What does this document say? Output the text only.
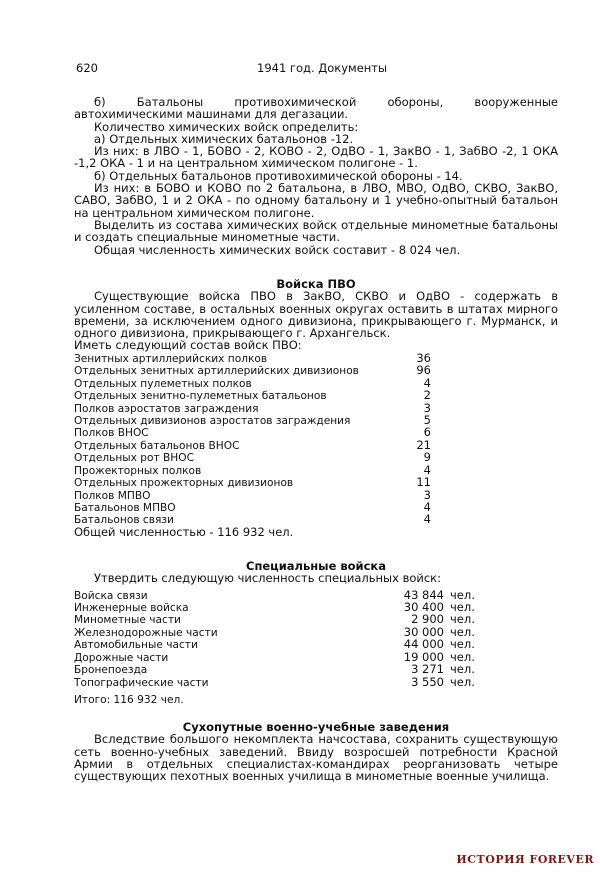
620	1941 год. Документы

б) Батальоны противохимической обороны, вооруженные автохимическими машинами для дегазации.

Количество химических войск определить:

а) Отдельных химических батальонов -12.

Из них: в ЛВО - 1, БОВО - 2, КОВО - 2, ОдВО - 1, ЗакВО - 1, ЗабВО -2, 1 ОКА -1,2 ОКА - 1 и на центральном химическом полигоне - 1.

б) Отдельных батальонов противохимической обороны - 14.

Из них: в БОВО и КОВО по 2 батальона, в ЛВО, МВО, ОдВО, СКВО, ЗакВО, САВО, ЗабВО, 1 и 2 ОКА - по одному батальону и 1 учебно-опытный батальон на центральном химическом полигоне.

Выделить из состава химических войск отдельные минометные батальоны и создать специальные минометные части.

Общая численность химических войск составит - 8 024 чел.

Войска ПВО

Существующие войска ПВО в ЗакВО, СКВО и ОдВО - содержать в усиленном составе, в остальных военных округах оставить в штатах мирного времени, за исключением одного дивизиона, прикрывающего г. Мурманск, и одного дивизиона, прикрывающего г. Архангельск.

Иметь следующий состав войск ПВО:

Зенитных артиллерийских полков	36
Отдельных зенитных артиллерийских дивизионов	96
Отдельных пулеметных полков	4
Отдельных зенитно-пулеметных батальонов	2
Полков аэростатов заграждения	3
Отдельных дивизионов аэростатов заграждения	5
Полков ВНОС	6
Отдельных батальонов ВНОС	21
Отдельных рот ВНОС	9
Прожекторных полков	4
Отдельных прожекторных дивизионов	11
Полков МПВО	3
Батальонов МПВО	4
Батальонов связи	4

Общей численностью - 116 932 чел.

Специальные войска

Утвердить следующую численность специальных войск:

Войска связи	43 844 чел.
Инженерные войска	30 400 чел.
Минометные части	2 900 чел.
Железнодорожные части	30 000 чел.
Автомобильные части	44 000 чел.
Дорожные части	19 000 чел.
Бронепоезда	3 271 чел.
Топографические части	3 550 чел.

Итого: 116 932 чел.

Сухопутные военно-учебные заведения

Вследствие большого некомплекта начсостава, сохранить существующую сеть военно-учебных заведений. Ввиду возросшей потребности Красной Армии в отдельных специалистах-командирах реорганизовать четыре существующих пехотных военных училища в минометные военные училища.

ИСТОРИЯ FOREVER
